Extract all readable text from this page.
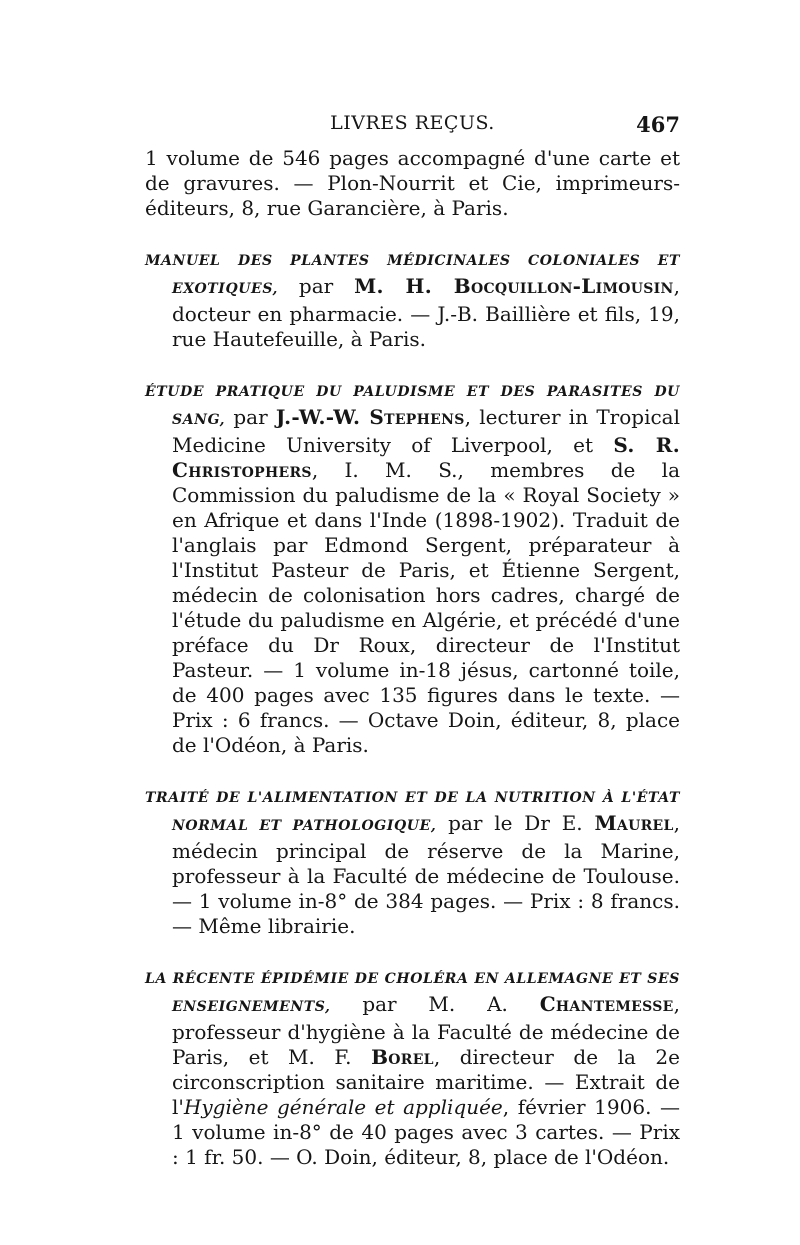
LIVRES REÇUS.	467

1 volume de 546 pages accompagné d'une carte et de gravures. — Plon-Nourrit et Cie, imprimeurs-éditeurs, 8, rue Garancière, à Paris.

MANUEL DES PLANTES MÉDICINALES COLONIALES ET EXOTIQUES, par M. H. Bocquillon-Limousin, docteur en pharmacie. — J.-B. Baillière et fils, 19, rue Hautefeuille, à Paris.

ÉTUDE PRATIQUE DU PALUDISME ET DES PARASITES DU SANG, par J.-W.-W. Stephens, lecturer in Tropical Medicine University of Liverpool, et S. R. Christophers, I. M. S., membres de la Commission du paludisme de la « Royal Society » en Afrique et dans l'Inde (1898-1902). Traduit de l'anglais par Edmond Sergent, préparateur à l'Institut Pasteur de Paris, et Étienne Sergent, médecin de colonisation hors cadres, chargé de l'étude du paludisme en Algérie, et précédé d'une préface du Dr Roux, directeur de l'Institut Pasteur. — 1 volume in-18 jésus, cartonné toile, de 400 pages avec 135 figures dans le texte. — Prix : 6 francs. — Octave Doin, éditeur, 8, place de l'Odéon, à Paris.

TRAITÉ DE L'ALIMENTATION ET DE LA NUTRITION À L'ÉTAT NORMAL ET PATHOLOGIQUE, par le Dr E. Maurel, médecin principal de réserve de la Marine, professeur à la Faculté de médecine de Toulouse. — 1 volume in-8° de 384 pages. — Prix : 8 francs. — Même librairie.

LA RÉCENTE ÉPIDÉMIE DE CHOLÉRA EN ALLEMAGNE ET SES ENSEIGNEMENTS, par M. A. Chantemesse, professeur d'hygiène à la Faculté de médecine de Paris, et M. F. Borel, directeur de la 2e circonscription sanitaire maritime. — Extrait de l'Hygiène générale et appliquée, février 1906. — 1 volume in-8° de 40 pages avec 3 cartes. — Prix : 1 fr. 50. — O. Doin, éditeur, 8, place de l'Odéon.
